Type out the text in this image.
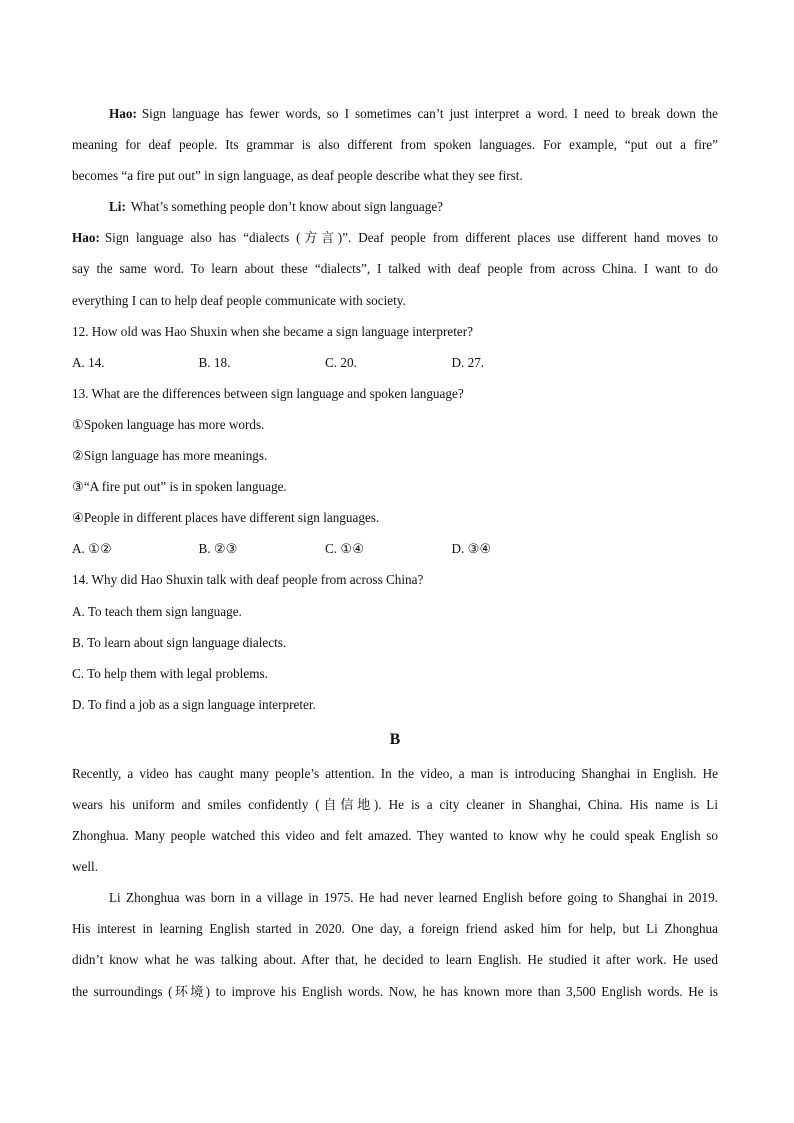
Hao: Sign language has fewer words, so I sometimes can’t just interpret a word. I need to break down the
meaning for deaf people. Its grammar is also different from spoken languages. For example, “put out a fire”
becomes “a fire put out” in sign language, as deaf people describe what they see first.
Li: What’s something people don’t know about sign language?
Hao: Sign language also has “dialects (方言)”. Deaf people from different places use different hand moves to
say the same word. To learn about these “dialects”, I talked with deaf people from across China. I want to do
everything I can to help deaf people communicate with society.
12. How old was Hao Shuxin when she became a sign language interpreter?
A. 14.	B. 18.	C. 20.	D. 27.
13. What are the differences between sign language and spoken language?
①Spoken language has more words.
②Sign language has more meanings.
③“A fire put out” is in spoken language.
④People in different places have different sign languages.
A. ①②	B. ②③	C. ①④	D. ③④
14. Why did Hao Shuxin talk with deaf people from across China?
A. To teach them sign language.
B. To learn about sign language dialects.
C. To help them with legal problems.
D. To find a job as a sign language interpreter.
B
Recently, a video has caught many people’s attention. In the video, a man is introducing Shanghai in English. He
wears his uniform and smiles confidently (自信地). He is a city cleaner in Shanghai, China. His name is Li
Zhonghua. Many people watched this video and felt amazed. They wanted to know why he could speak English so
well.
Li Zhonghua was born in a village in 1975. He had never learned English before going to Shanghai in 2019.
His interest in learning English started in 2020. One day, a foreign friend asked him for help, but Li Zhonghua
didn’t know what he was talking about. After that, he decided to learn English. He studied it after work. He used
the surroundings (环境) to improve his English words. Now, he has known more than 3,500 English words. He is
